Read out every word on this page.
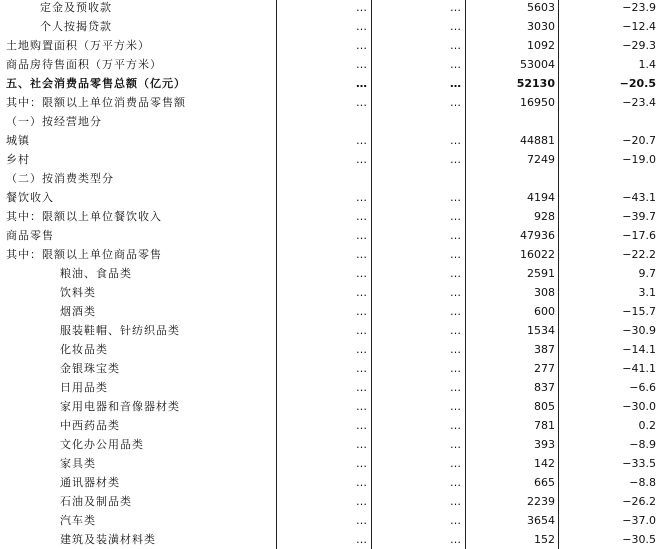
定金及预收款	…	…	5603	−23.9
个人按揭贷款	…	…	3030	−12.4
土地购置面积（万平方米）	…	…	1092	−29.3
商品房待售面积（万平方米）	…	…	53004	1.4
五、社会消费品零售总额（亿元）	…	…	52130	−20.5
其中：限额以上单位消费品零售额	…	…	16950	−23.4
（一）按经营地分
城镇	…	…	44881	−20.7
乡村	…	…	7249	−19.0
（二）按消费类型分
餐饮收入	…	…	4194	−43.1
其中：限额以上单位餐饮收入	…	…	928	−39.7
商品零售	…	…	47936	−17.6
其中：限额以上单位商品零售	…	…	16022	−22.2
粮油、食品类	…	…	2591	9.7
饮料类	…	…	308	3.1
烟酒类	…	…	600	−15.7
服装鞋帽、针纺织品类	…	…	1534	−30.9
化妆品类	…	…	387	−14.1
金银珠宝类	…	…	277	−41.1
日用品类	…	…	837	−6.6
家用电器和音像器材类	…	…	805	−30.0
中西药品类	…	…	781	0.2
文化办公用品类	…	…	393	−8.9
家具类	…	…	142	−33.5
通讯器材类	…	…	665	−8.8
石油及制品类	…	…	2239	−26.2
汽车类	…	…	3654	−37.0
建筑及装潢材料类	…	…	152	−30.5
